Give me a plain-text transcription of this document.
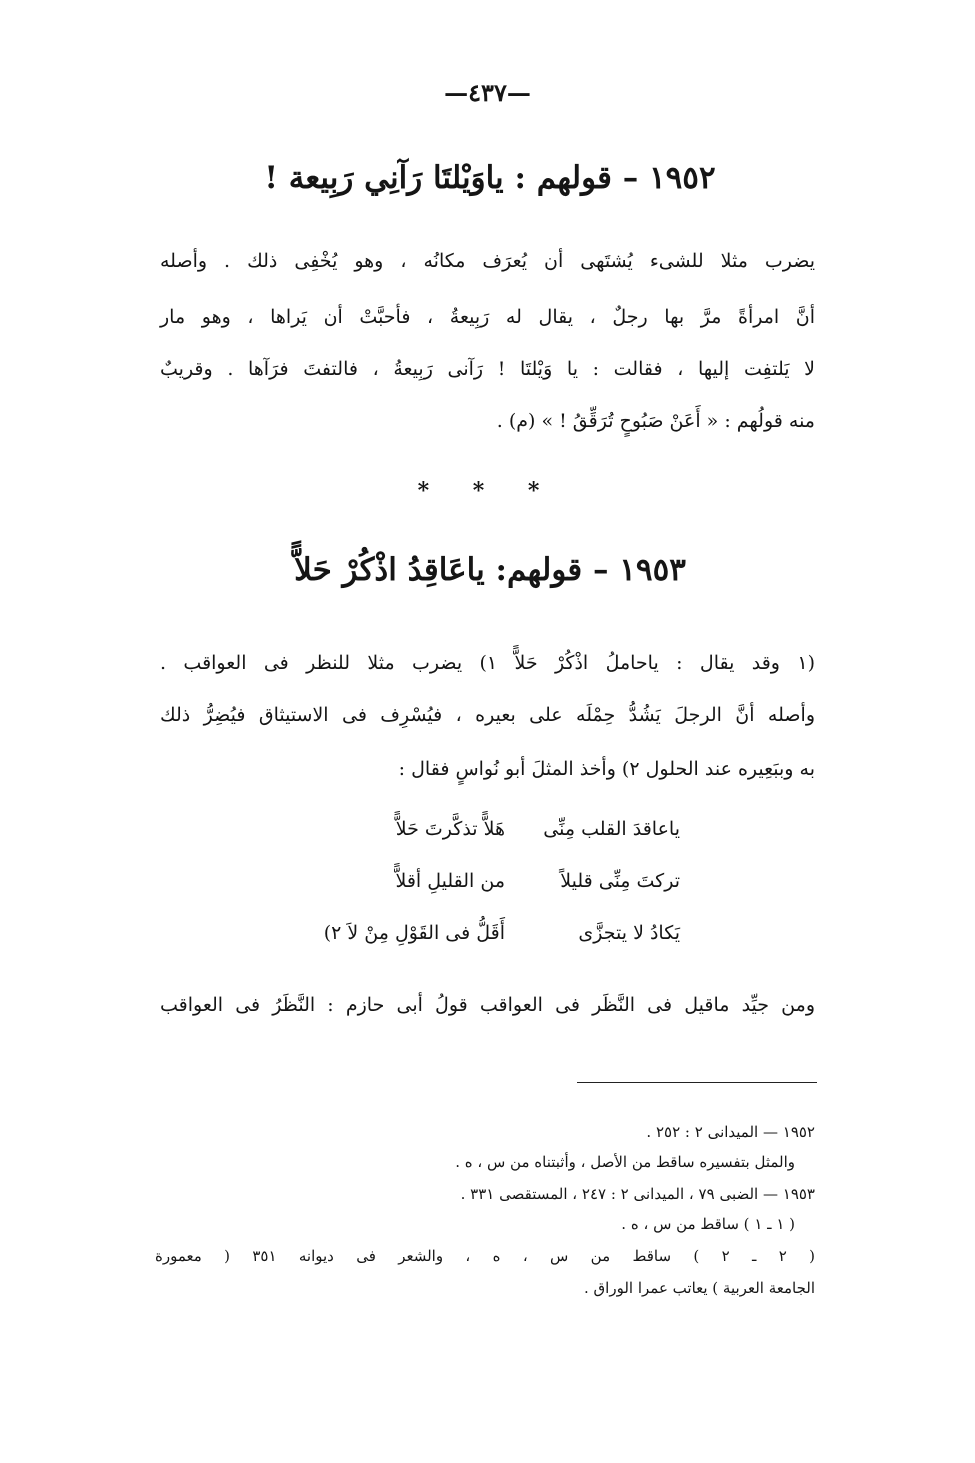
—٤٣٧—
١٩٥٢ – قولهم : ياوَيْلتَا رَآنِي رَبِيعة !
يضرب مثلا للشىء يُشتَهى أن يُعرَف مكانُه ، وهو يُخْفِى ذلك . وأصله
أنَّ امرأةً مرَّ بها رجلٌ ، يقال له رَبِيعةُ ، فأحبَّتْ أن يَراها ، وهو مار
لا يَلتفِت إليها ، فقالت : يا وَيْلتَا ! رَآنى رَبِيعةُ ، فالتفتَ فرَآها . وقريبٌ
منه قولُهم : « أَعَنْ صَبُوحٍ تُرَقِّقُ ! » (م) .
* * *
١٩٥٣ – قولهم: ياعَاقِدُ اذْكُرْ حَلاًّ
(١ وقد يقال : ياحاملُ اذْكُرْ حَلاًّ ١) يضرب مثلا للنظر فى العواقب .
وأصله أنَّ الرجلَ يَشُدُّ حِمْلَه على بعيره ، فيُسْرِف فى الاستيثاق فيُضِرُّ ذلك
به وببَعِيره عند الحلول ٢) وأخذ المثلَ أبو نُواسٍ فقال :
ياعاقدَ القلب مِنِّى
هَلاًّ تذكَّرتَ حَلاًّ
تركتَ مِنِّى قليلاً
من القليلِ أقلاًّ
يَكادُ لا يتجزَّى
أَقَلُّ فى القَوْلِ مِنْ لاَ ٢)
ومن جيِّد ماقيل فى النَّظَر فى العواقب قولُ أبى حازم : النَّظَرُ فى العواقب
١٩٥٢ — الميدانى ٢ : ٢٥٢ .
والمثل بتفسيره ساقط من الأصل ، وأثبتناه من س ، ه .
١٩٥٣ — الضبى ٧٩ ، الميدانى ٢ : ٢٤٧ ، المستقصى ٣٣١ .
( ١ ـ ١ ) ساقط من س ، ه .
( ٢ ـ ٢ ) ساقط من س ، ه ، والشعر فى ديوانه ٣٥١ ( معمورة
الجامعة العربية ) يعاتب عمرا الوراق .
